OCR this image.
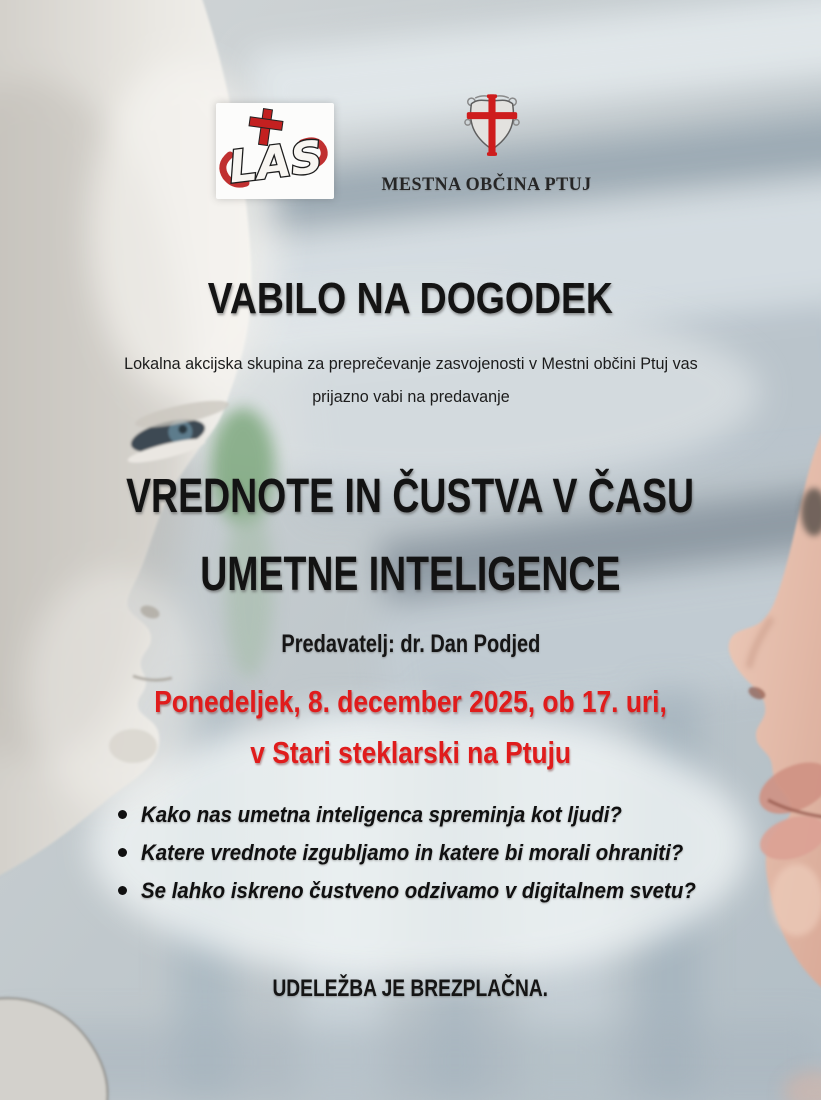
LAS	MESTNA OBČINA PTUJ
VABILO NA DOGODEK
Lokalna akcijska skupina za preprečevanje zasvojenosti v Mestni občini Ptuj vas
prijazno vabi na predavanje
VREDNOTE IN ČUSTVA V ČASU
UMETNE INTELIGENCE
Predavatelj: dr. Dan Podjed
Ponedeljek, 8. december 2025, ob 17. uri,
v Stari steklarski na Ptuju
Kako nas umetna inteligenca spreminja kot ljudi?
Katere vrednote izgubljamo in katere bi morali ohraniti?
Se lahko iskreno čustveno odzivamo v digitalnem svetu?
UDELEŽBA JE BREZPLAČNA.
